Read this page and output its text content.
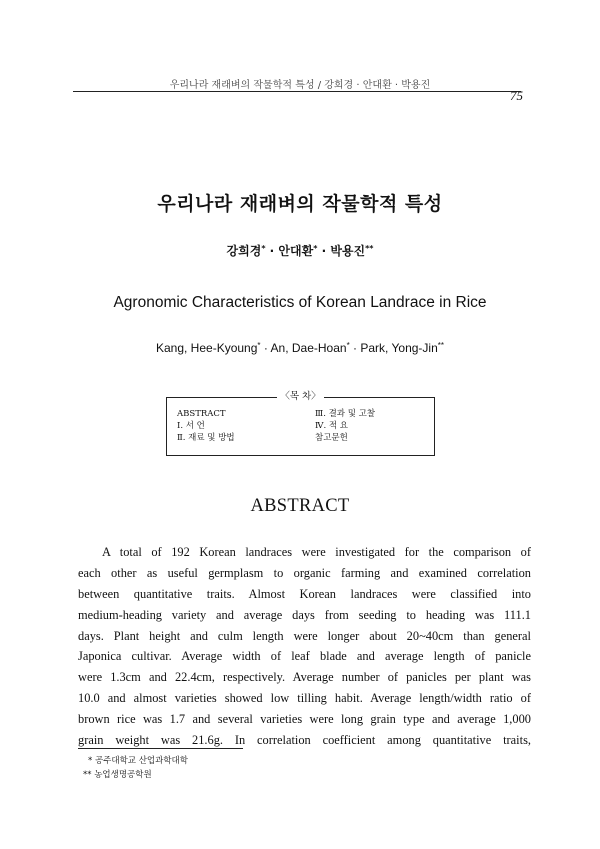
우리나라 재래벼의 작물학적 특성 / 강희경 · 안대환 · 박용진
75
우리나라 재래벼의 작물학적 특성
강희경* · 안대환* · 박용진**
Agronomic Characteristics of Korean Landrace in Rice
Kang, Hee-Kyoung* · An, Dae-Hoan* · Park, Yong-Jin**
〈목 차〉
ABSTRACT
Ⅰ. 서 언
Ⅱ. 재료 및 방법
Ⅲ. 결과 및 고찰
Ⅳ. 적 요
참고문헌
ABSTRACT
A total of 192 Korean landraces were investigated for the comparison of
each other as useful germplasm to organic farming and examined correlation
between quantitative traits. Almost Korean landraces were classified into
medium-heading variety and average days from seeding to heading was 111.1
days. Plant height and culm length were longer about 20~40cm than general
Japonica cultivar. Average width of leaf blade and average length of panicle
were 1.3cm and 22.4cm, respectively. Average number of panicles per plant was
10.0 and almost varieties showed low tilling habit. Average length/width ratio of
brown rice was 1.7 and several varieties were long grain type and average 1,000
grain weight was 21.6g. In correlation coefficient among quantitative traits,
* 공주대학교 산업과학대학
** 농업생명공학원
